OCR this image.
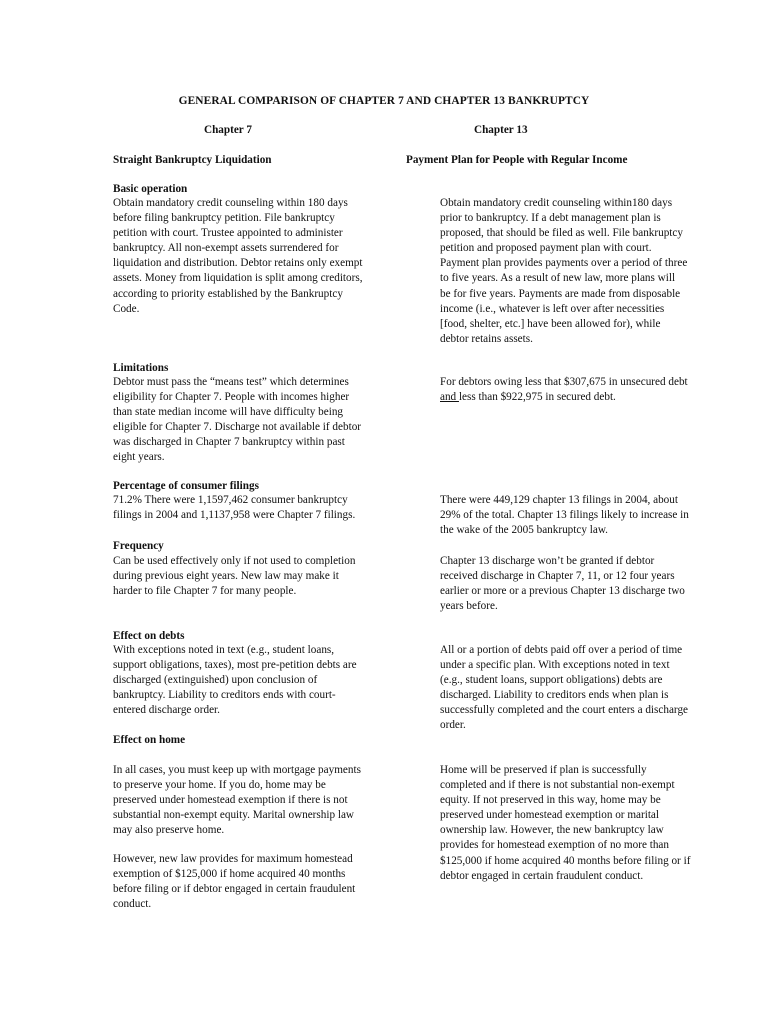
GENERAL COMPARISON OF CHAPTER 7 AND CHAPTER 13 BANKRUPTCY
Chapter 7	Chapter 13
Straight Bankruptcy Liquidation	Payment Plan for People with Regular Income
Basic operation
Obtain mandatory credit counseling within 180 days
before filing bankruptcy petition. File bankruptcy
petition with court. Trustee appointed to administer
bankruptcy. All non-exempt assets surrendered for
liquidation and distribution. Debtor retains only exempt
assets. Money from liquidation is split among creditors,
according to priority established by the Bankruptcy
Code.
Obtain mandatory credit counseling within180 days
prior to bankruptcy. If a debt management plan is
proposed, that should be filed as well. File bankruptcy
petition and proposed payment plan with court.
Payment plan provides payments over a period of three
to five years. As a result of new law, more plans will
be for five years. Payments are made from disposable
income (i.e., whatever is left over after necessities
[food, shelter, etc.] have been allowed for), while
debtor retains assets.
Limitations
Debtor must pass the “means test” which determines
eligibility for Chapter 7. People with incomes higher
than state median income will have difficulty being
eligible for Chapter 7. Discharge not available if debtor
was discharged in Chapter 7 bankruptcy within past
eight years.
For debtors owing less that $307,675 in unsecured debt
and less than $922,975 in secured debt.
Percentage of consumer filings
71.2% There were 1,1597,462 consumer bankruptcy
filings in 2004 and 1,1137,958 were Chapter 7 filings.
There were 449,129 chapter 13 filings in 2004, about
29% of the total. Chapter 13 filings likely to increase in
the wake of the 2005 bankruptcy law.
Frequency
Can be used effectively only if not used to completion
during previous eight years. New law may make it
harder to file Chapter 7 for many people.
Chapter 13 discharge won’t be granted if debtor
received discharge in Chapter 7, 11, or 12 four years
earlier or more or a previous Chapter 13 discharge two
years before.
Effect on debts
With exceptions noted in text (e.g., student loans,
support obligations, taxes), most pre-petition debts are
discharged (extinguished) upon conclusion of
bankruptcy. Liability to creditors ends with court-
entered discharge order.
All or a portion of debts paid off over a period of time
under a specific plan. With exceptions noted in text
(e.g., student loans, support obligations) debts are
discharged. Liability to creditors ends when plan is
successfully completed and the court enters a discharge
order.
Effect on home
In all cases, you must keep up with mortgage payments
to preserve your home. If you do, home may be
preserved under homestead exemption if there is not
substantial non-exempt equity. Marital ownership law
may also preserve home.
However, new law provides for maximum homestead
exemption of $125,000 if home acquired 40 months
before filing or if debtor engaged in certain fraudulent
conduct.
Home will be preserved if plan is successfully
completed and if there is not substantial non-exempt
equity. If not preserved in this way, home may be
preserved under homestead exemption or marital
ownership law. However, the new bankruptcy law
provides for homestead exemption of no more than
$125,000 if home acquired 40 months before filing or if
debtor engaged in certain fraudulent conduct.
